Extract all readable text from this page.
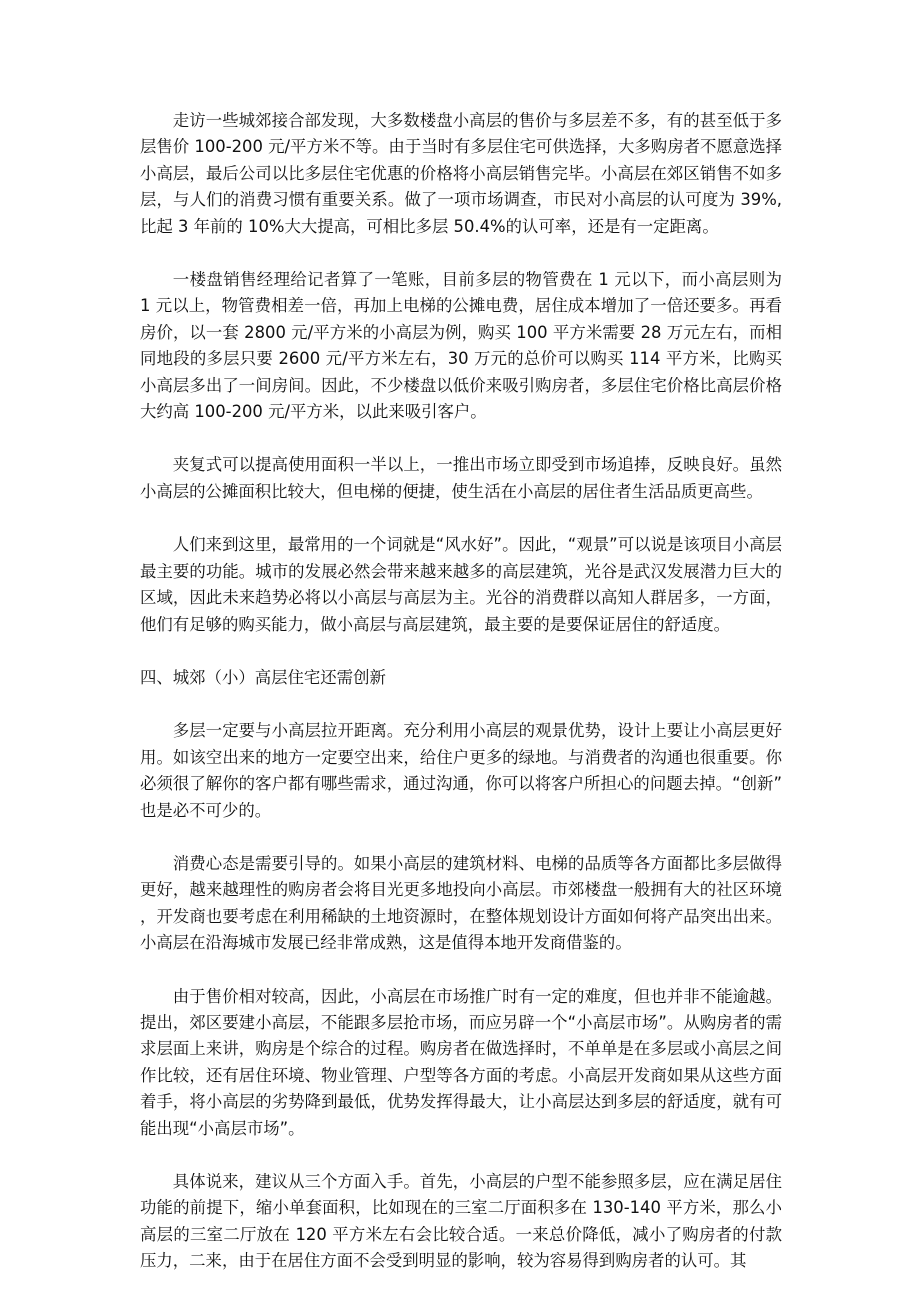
走访一些城郊接合部发现，大多数楼盘小高层的售价与多层差不多，有的甚至低于多层售价 100-200 元/平方米不等。由于当时有多层住宅可供选择，大多购房者不愿意选择小高层，最后公司以比多层住宅优惠的价格将小高层销售完毕。小高层在郊区销售不如多层，与人们的消费习惯有重要关系。做了一项市场调查，市民对小高层的认可度为 39%,比起 3 年前的 10%大大提高，可相比多层 50.4%的认可率，还是有一定距离。

一楼盘销售经理给记者算了一笔账，目前多层的物管费在 1 元以下，而小高层则为 1 元以上，物管费相差一倍，再加上电梯的公摊电费，居住成本增加了一倍还要多。再看房价，以一套 2800 元/平方米的小高层为例，购买 100 平方米需要 28 万元左右，而相同地段的多层只要 2600 元/平方米左右，30 万元的总价可以购买 114 平方米，比购买小高层多出了一间房间。因此，不少楼盘以低价来吸引购房者，多层住宅价格比高层价格大约高 100-200 元/平方米，以此来吸引客户。

夹复式可以提高使用面积一半以上，一推出市场立即受到市场追捧，反映良好。虽然小高层的公摊面积比较大，但电梯的便捷，使生活在小高层的居住者生活品质更高些。

人们来到这里，最常用的一个词就是“风水好”。因此，“观景”可以说是该项目小高层最主要的功能。城市的发展必然会带来越来越多的高层建筑，光谷是武汉发展潜力巨大的区域，因此未来趋势必将以小高层与高层为主。光谷的消费群以高知人群居多，一方面，他们有足够的购买能力，做小高层与高层建筑，最主要的是要保证居住的舒适度。

四、城郊（小）高层住宅还需创新

多层一定要与小高层拉开距离。充分利用小高层的观景优势，设计上要让小高层更好用。如该空出来的地方一定要空出来，给住户更多的绿地。与消费者的沟通也很重要。你必须很了解你的客户都有哪些需求，通过沟通，你可以将客户所担心的问题去掉。“创新”也是必不可少的。

消费心态是需要引导的。如果小高层的建筑材料、电梯的品质等各方面都比多层做得更好，越来越理性的购房者会将目光更多地投向小高层。市郊楼盘一般拥有大的社区环境，开发商也要考虑在利用稀缺的土地资源时，在整体规划设计方面如何将产品突出出来。小高层在沿海城市发展已经非常成熟，这是值得本地开发商借鉴的。

由于售价相对较高，因此，小高层在市场推广时有一定的难度，但也并非不能逾越。提出，郊区要建小高层，不能跟多层抢市场，而应另辟一个“小高层市场”。从购房者的需求层面上来讲，购房是个综合的过程。购房者在做选择时，不单单是在多层或小高层之间作比较，还有居住环境、物业管理、户型等各方面的考虑。小高层开发商如果从这些方面着手，将小高层的劣势降到最低，优势发挥得最大，让小高层达到多层的舒适度，就有可能出现“小高层市场”。

具体说来，建议从三个方面入手。首先，小高层的户型不能参照多层，应在满足居住功能的前提下，缩小单套面积，比如现在的三室二厅面积多在 130-140 平方米，那么小高层的三室二厅放在 120 平方米左右会比较合适。一来总价降低，减小了购房者的付款压力，二来，由于在居住方面不会受到明显的影响，较为容易得到购房者的认可。其
